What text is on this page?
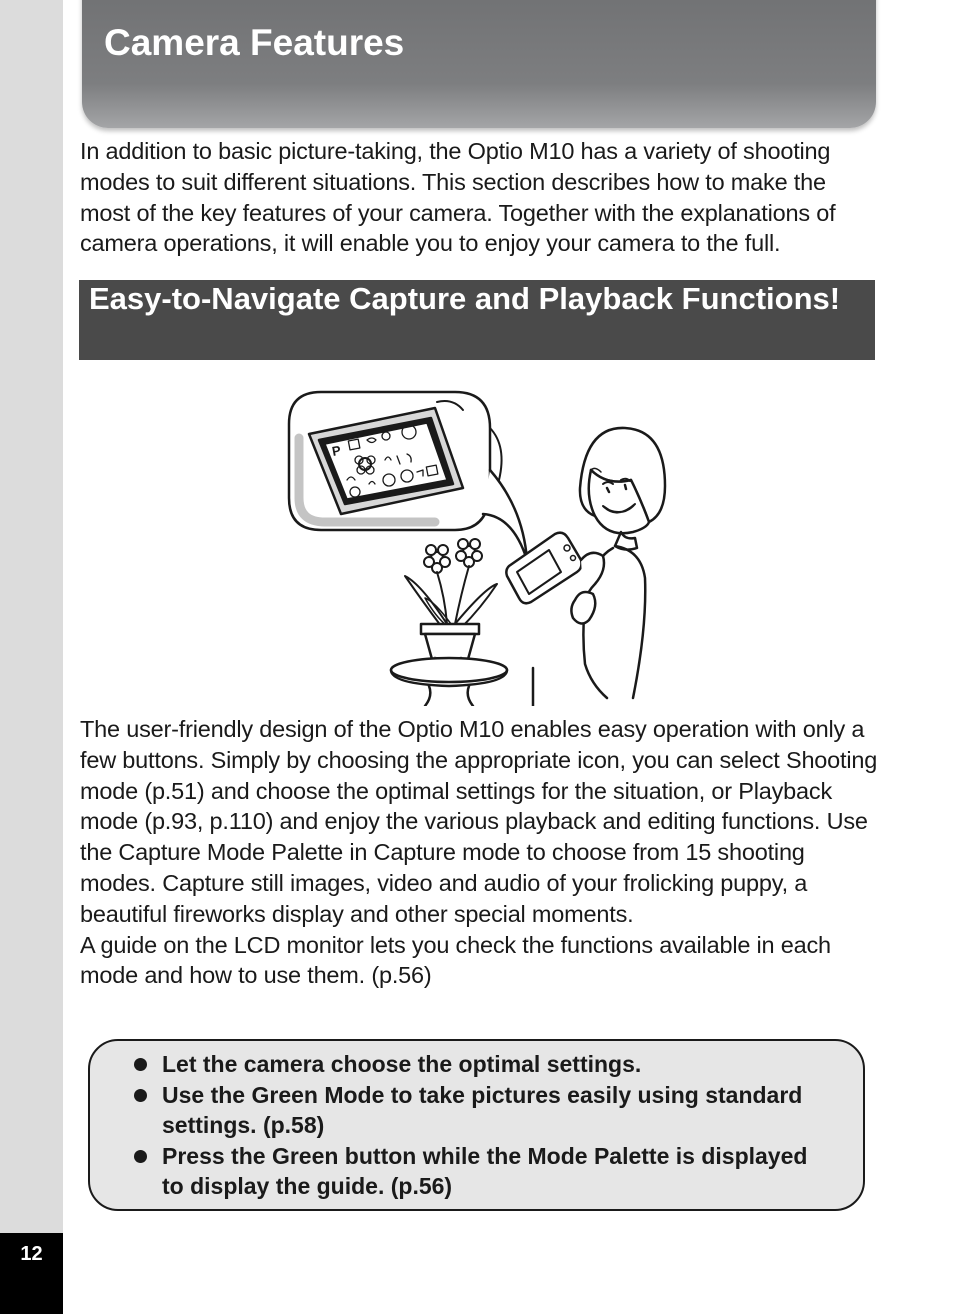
12
Camera Features

In addition to basic picture-taking, the Optio M10 has a variety of shooting modes to suit different situations. This section describes how to make the most of the key features of your camera. Together with the explanations of camera operations, it will enable you to enjoy your camera to the full.

Easy-to-Navigate Capture and Playback Functions!
P
The user-friendly design of the Optio M10 enables easy operation with only a few buttons. Simply by choosing the appropriate icon, you can select Shooting mode (p.51) and choose the optimal settings for the situation, or Playback mode (p.93, p.110) and enjoy the various playback and editing functions. Use the Capture Mode Palette in Capture mode to choose from 15 shooting modes. Capture still images, video and audio of your frolicking puppy, a beautiful fireworks display and other special moments.
A guide on the LCD monitor lets you check the functions available in each mode and how to use them. (p.56)
Let the camera choose the optimal settings.
Use the Green Mode to take pictures easily using standard settings. (p.58)
Press the Green button while the Mode Palette is displayed to display the guide. (p.56)
